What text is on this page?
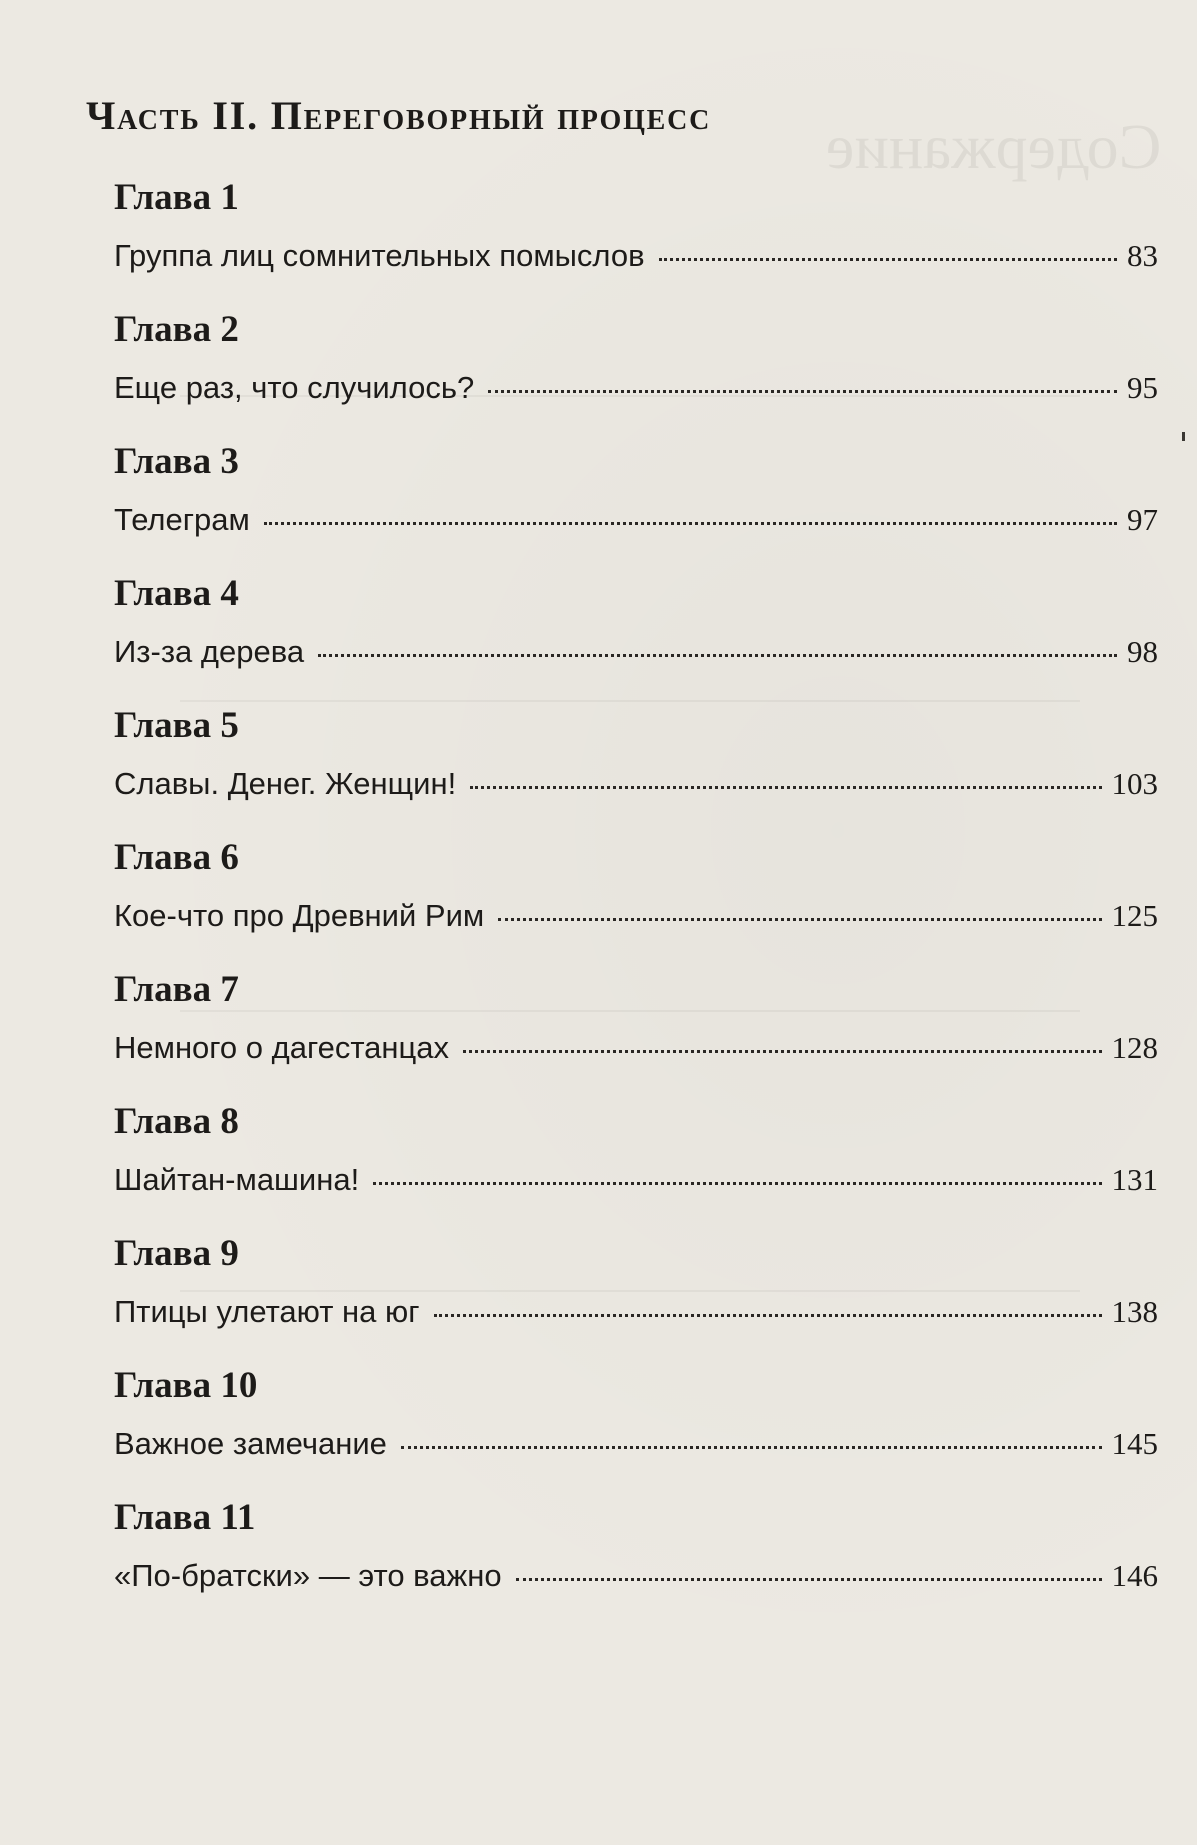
Содержание
Часть II. Переговорный процесс
Глава 1
Группа лиц сомнительных помыслов	83
Глава 2
Еще раз, что случилось?	95
Глава 3
Телеграм	97
Глава 4
Из-за дерева	98
Глава 5
Славы. Денег. Женщин!	103
Глава 6
Кое-что про Древний Рим	125
Глава 7
Немного о дагестанцах	128
Глава 8
Шайтан-машина!	131
Глава 9
Птицы улетают на юг	138
Глава 10
Важное замечание	145
Глава 11
«По-братски» — это важно	146
